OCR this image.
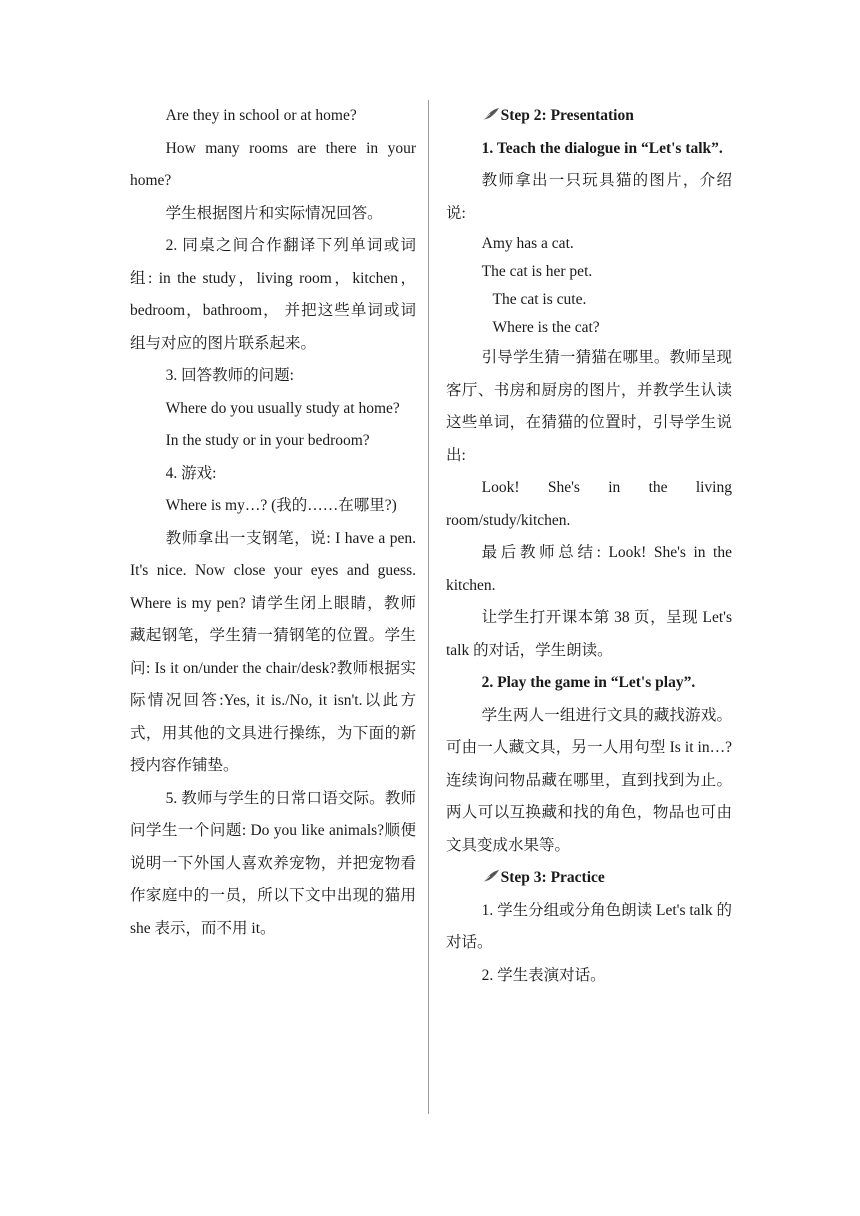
Are they in school or at home?

How many rooms are there in your home?

学生根据图片和实际情况回答。

2. 同桌之间合作翻译下列单词或词组: in the study，living room，kitchen，bedroom，bathroom， 并把这些单词或词组与对应的图片联系起来。

3. 回答教师的问题:

Where do you usually study at home?

In the study or in your bedroom?

4. 游戏:

Where is my…? (我的……在哪里?)

教师拿出一支钢笔，说: I have a pen. It's nice. Now close your eyes and guess. Where is my pen? 请学生闭上眼睛，教师藏起钢笔，学生猜一猜钢笔的位置。学生问: Is it on/under the chair/desk?教师根据实际情况回答:Yes, it is./No, it isn't.以此方式，用其他的文具进行操练，为下面的新授内容作铺垫。

5. 教师与学生的日常口语交际。教师问学生一个问题: Do you like animals?顺便说明一下外国人喜欢养宠物，并把宠物看作家庭中的一员，所以下文中出现的猫用 she 表示，而不用 it。

Step 2: Presentation

1. Teach the dialogue in “Let's talk”.

教师拿出一只玩具猫的图片，介绍说:

Amy has a cat.

The cat is her pet.

The cat is cute.

Where is the cat?

引导学生猜一猜猫在哪里。教师呈现客厅、书房和厨房的图片，并教学生认读这些单词，在猜猫的位置时，引导学生说出:

Look! She's in the living room/study/kitchen.

最后教师总结: Look! She's in the kitchen.

让学生打开课本第 38 页，呈现 Let's talk 的对话，学生朗读。

2. Play the game in “Let's play”.

学生两人一组进行文具的藏找游戏。可由一人藏文具，另一人用句型 Is it in…? 连续询问物品藏在哪里，直到找到为止。两人可以互换藏和找的角色，物品也可由文具变成水果等。

Step 3: Practice

1. 学生分组或分角色朗读 Let's talk 的对话。

2. 学生表演对话。
